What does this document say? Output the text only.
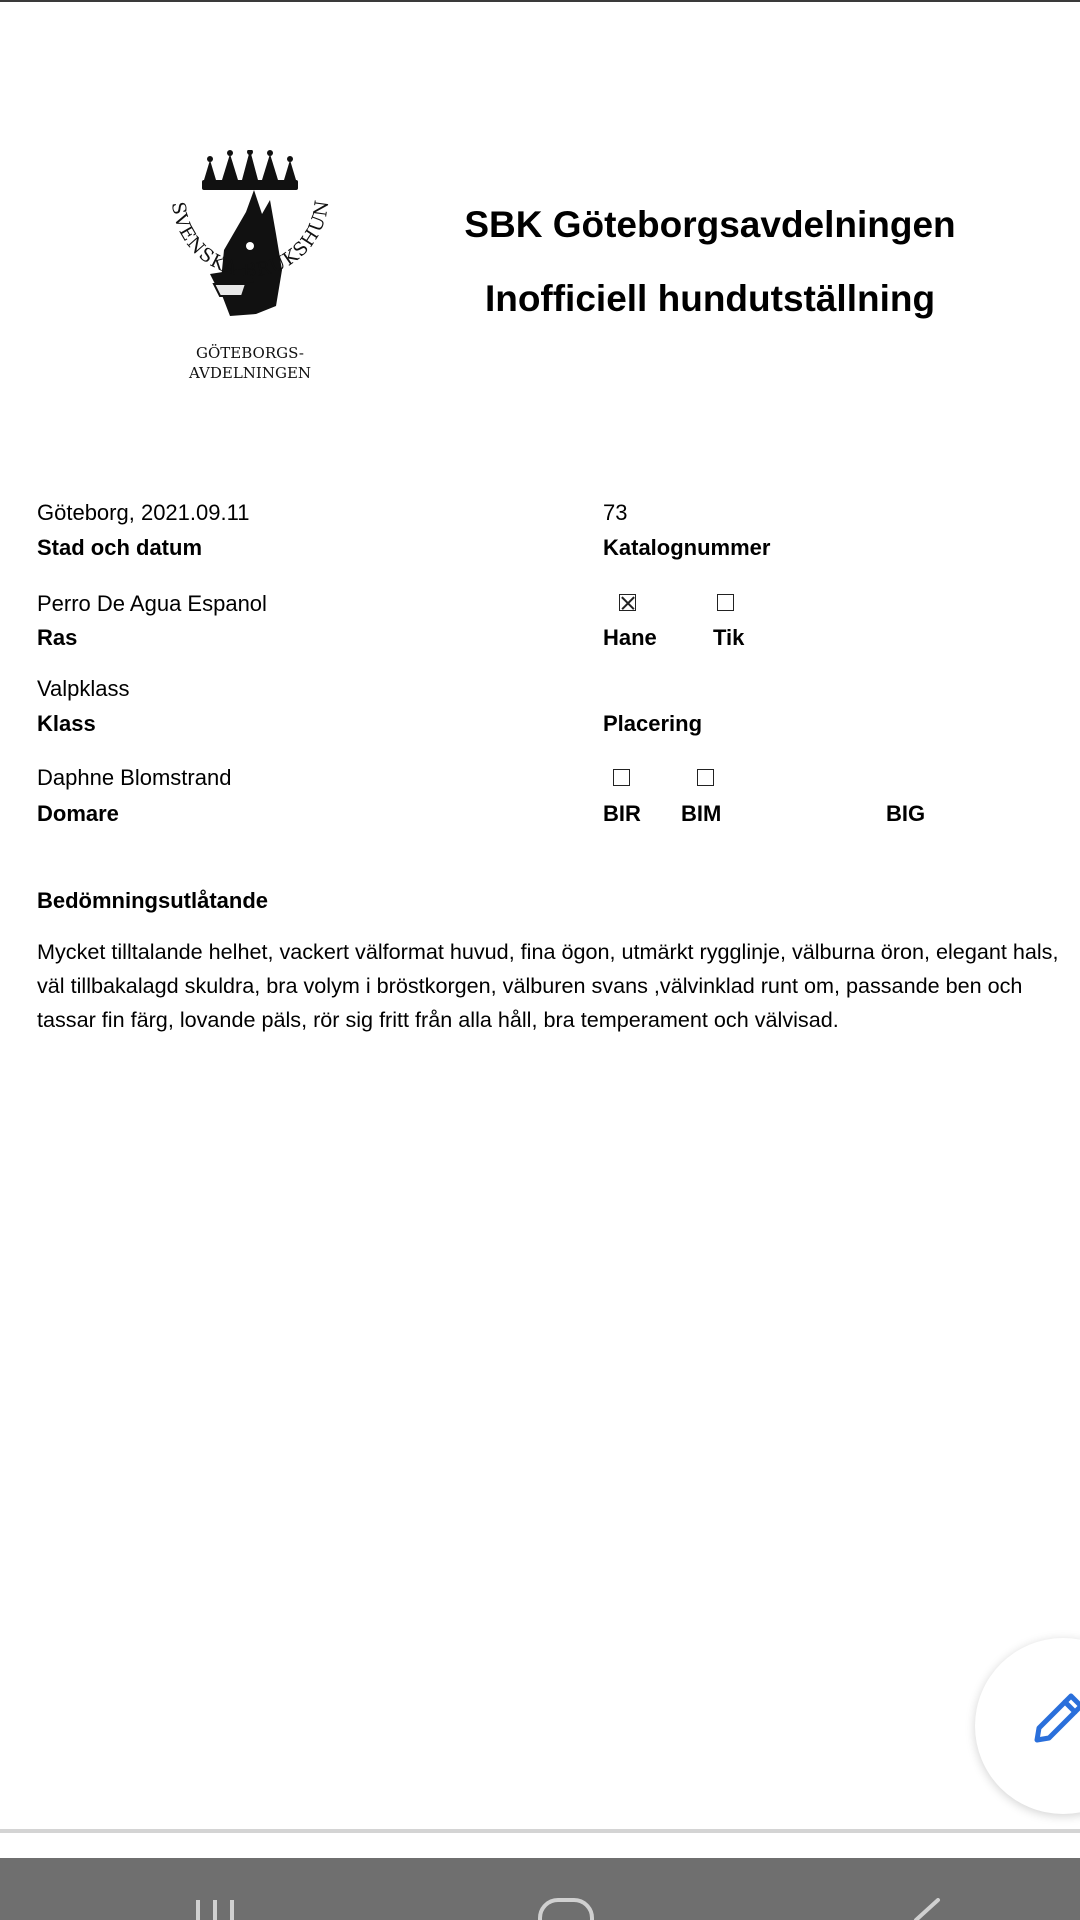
SVENSKA BRUKSHUN
GÖTEBORGS-
AVDELNINGEN
SBK Göteborgsavdelningen
Inofficiell hundutställning
Göteborg, 2021.09.11
Stad och datum
73
Katalognummer
Perro De Agua Espanol
Ras	Hane	Tik
Valpklass
Klass	Placering
Daphne Blomstrand
Domare	BIR BIM	BIG
Bedömningsutlåtande
Mycket tilltalande helhet, vackert välformat huvud, fina ögon, utmärkt rygglinje, välburna öron, elegant hals, väl tillbakalagd skuldra, bra volym i bröstkorgen, välburen svans ,välvinklad runt om, passande ben och tassar fin färg, lovande päls, rör sig fritt från alla håll, bra temperament och välvisad.
